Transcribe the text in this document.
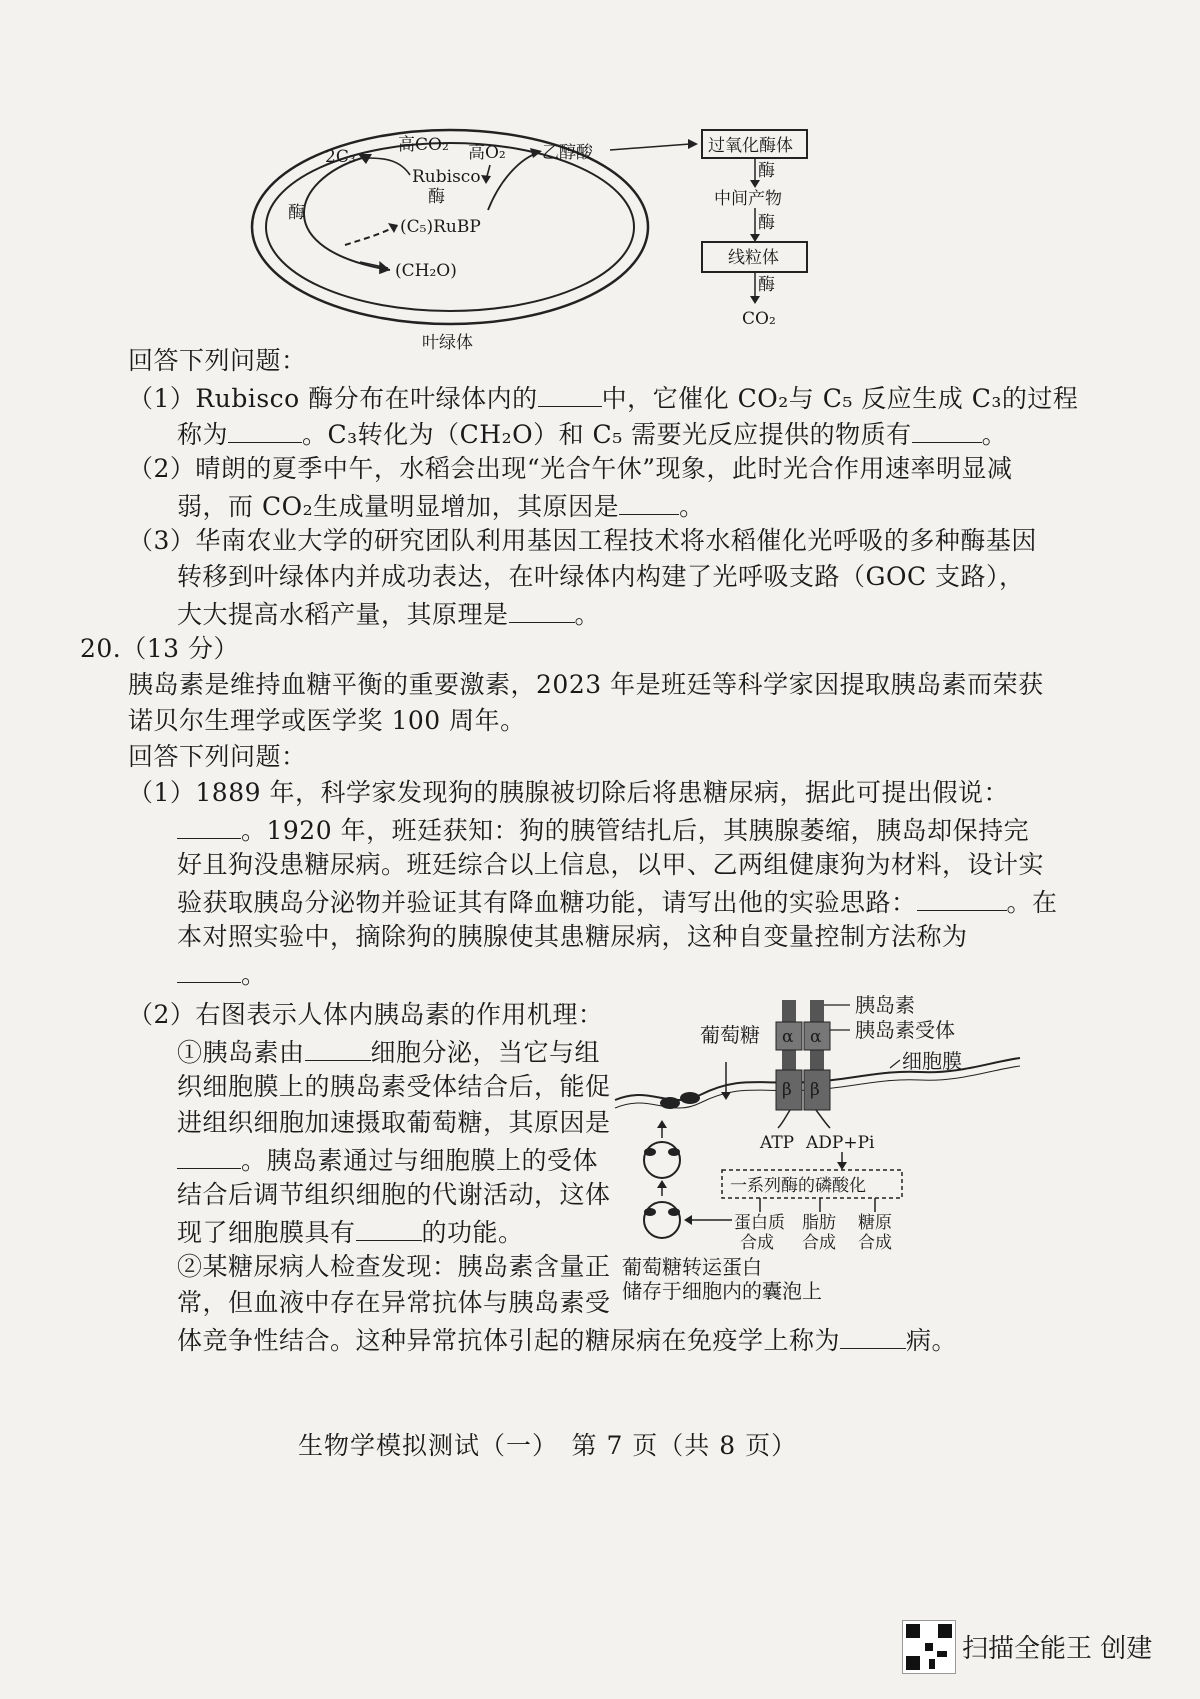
高CO₂
2C₃
Rubisco
酶
酶
高O₂ 乙醇酸
(C₅)RuBP
(CH₂O)
叶绿体
过氧化酶体
酶
中间产物
酶
线粒体
酶
CO₂
回答下列问题：
（1）Rubisco 酶分布在叶绿体内的	中，它催化 CO₂与 C₅ 反应生成 C₃的过程
称为	。C₃转化为（CH₂O）和 C₅ 需要光反应提供的物质有	。
（2）晴朗的夏季中午，水稻会出现“光合午休”现象，此时光合作用速率明显减
弱，而 CO₂生成量明显增加，其原因是 。
（3）华南农业大学的研究团队利用基因工程技术将水稻催化光呼吸的多种酶基因
转移到叶绿体内并成功表达，在叶绿体内构建了光呼吸支路（GOC 支路），
大大提高水稻产量，其原理是	。
20.（13 分）
胰岛素是维持血糖平衡的重要激素，2023 年是班廷等科学家因提取胰岛素而荣获
诺贝尔生理学或医学奖 100 周年。
回答下列问题：
（1）1889 年，科学家发现狗的胰腺被切除后将患糖尿病，据此可提出假说：
。1920 年，班廷获知：狗的胰管结扎后，其胰腺萎缩，胰岛却保持完
好且狗没患糖尿病。班廷综合以上信息，以甲、乙两组健康狗为材料，设计实
验获取胰岛分泌物并验证其有降血糖功能，请写出他的实验思路：	。在
本对照实验中，摘除狗的胰腺使其患糖尿病，这种自变量控制方法称为
。
（2）右图表示人体内胰岛素的作用机理：
①胰岛素由	细胞分泌，当它与组
织细胞膜上的胰岛素受体结合后，能促
进组织细胞加速摄取葡萄糖，其原因是
。胰岛素通过与细胞膜上的受体
结合后调节组织细胞的代谢活动，这体
现了细胞膜具有	的功能。
②某糖尿病人检查发现：胰岛素含量正
常，但血液中存在异常抗体与胰岛素受
体竞争性结合。这种异常抗体引起的糖尿病在免疫学上称为	病。
α α
β β
ATP ADP+Pi
一系列酶的磷酸化
蛋白质
合成
脂肪
合成
糖原
合成
胰岛素
胰岛素受体
细胞膜
葡萄糖
葡萄糖转运蛋白
储存于细胞内的囊泡上
生物学模拟测试（一）　第 7 页（共 8 页）
扫描全能王 创建
